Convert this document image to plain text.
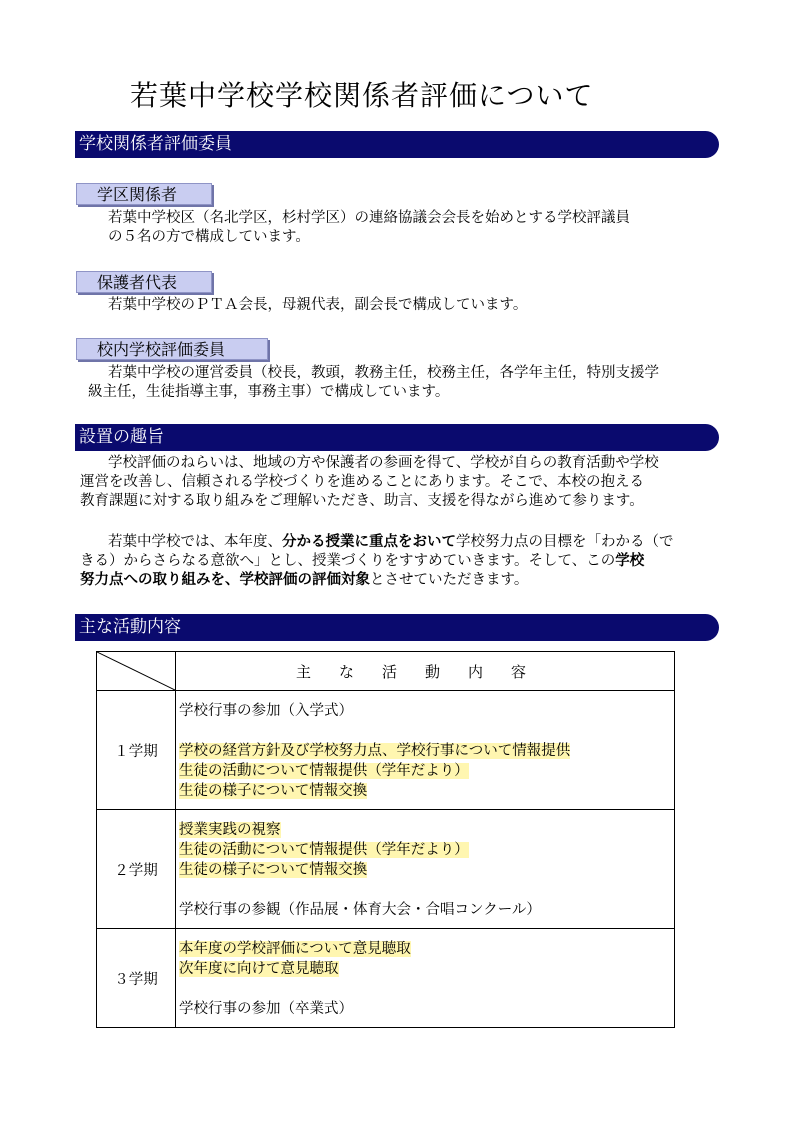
若葉中学校学校関係者評価について
学校関係者評価委員
学区関係者

若葉中学校区（名北学区，杉村学区）の連絡協議会会長を始めとする学校評議員

の５名の方で構成しています。

保護者代表

若葉中学校のＰＴＡ会長，母親代表，副会長で構成しています。

校内学校評価委員

若葉中学校の運営委員（校長，教頭，教務主任，校務主任，各学年主任，特別支援学

級主任，生徒指導主事，事務主事）で構成しています。

設置の趣旨

学校評価のねらいは、地域の方や保護者の参画を得て、学校が自らの教育活動や学校

運営を改善し、信頼される学校づくりを進めることにあります。そこで、本校の抱える

教育課題に対する取り組みをご理解いただき、助言、支援を得ながら進めて参ります。

若葉中学校では、本年度、分かる授業に重点をおいて学校努力点の目標を「わかる（で

きる）からさらなる意欲へ」とし、授業づくりをすすめていきます。そして、この学校

努力点への取り組みを、学校評価の評価対象とさせていただきます。

主な活動内容
	主な活動内容
１学期	学校行事の参加（入学式）
学校の経営方針及び学校努力点、学校行事について情報提供
生徒の活動について情報提供（学年だより）
生徒の様子について情報交換

２学期	授業実践の視察
生徒の活動について情報提供（学年だより）
生徒の様子について情報交換
学校行事の参観（作品展・体育大会・合唱コンクール）

３学期	本年度の学校評価について意見聴取
次年度に向けて意見聴取
学校行事の参加（卒業式）
